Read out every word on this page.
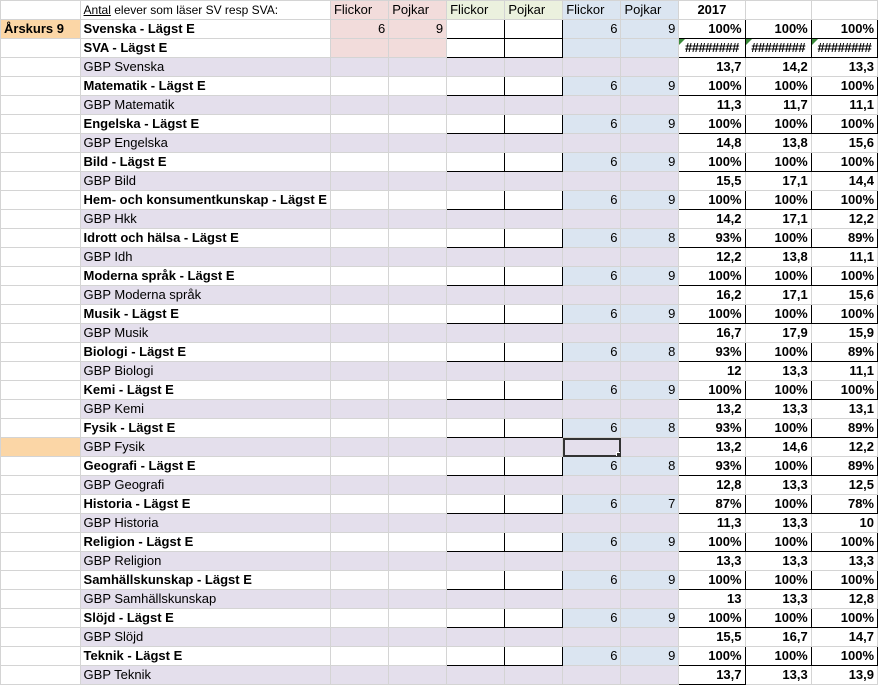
	Antal elever som läser SV resp SVA:	Flickor	Pojkar	Flickor	Pojkar	Flickor	Pojkar	2017		
Årskurs 9	Svenska - Lägst E	6	9			6	9	100%	100%	100%
	SVA - Lägst E							########	########	########
	GBP Svenska							13,7	14,2	13,3
	Matematik - Lägst E					6	9	100%	100%	100%
	GBP Matematik							11,3	11,7	11,1
	Engelska - Lägst E					6	9	100%	100%	100%
	GBP Engelska							14,8	13,8	15,6
	Bild - Lägst E					6	9	100%	100%	100%
	GBP Bild							15,5	17,1	14,4
	Hem- och konsumentkunskap - Lägst E					6	9	100%	100%	100%
	GBP Hkk							14,2	17,1	12,2
	Idrott och hälsa - Lägst E					6	8	93%	100%	89%
	GBP Idh							12,2	13,8	11,1
	Moderna språk - Lägst E					6	9	100%	100%	100%
	GBP Moderna språk							16,2	17,1	15,6
	Musik - Lägst E					6	9	100%	100%	100%
	GBP Musik							16,7	17,9	15,9
	Biologi - Lägst E					6	8	93%	100%	89%
	GBP Biologi							12	13,3	11,1
	Kemi - Lägst E					6	9	100%	100%	100%
	GBP Kemi							13,2	13,3	13,1
	Fysik - Lägst E					6	8	93%	100%	89%
	GBP Fysik							13,2	14,6	12,2
	Geografi - Lägst E					6	8	93%	100%	89%
	GBP Geografi							12,8	13,3	12,5
	Historia - Lägst E					6	7	87%	100%	78%
	GBP Historia							11,3	13,3	10
	Religion - Lägst E					6	9	100%	100%	100%
	GBP Religion							13,3	13,3	13,3
	Samhällskunskap - Lägst E					6	9	100%	100%	100%
	GBP Samhällskunskap							13	13,3	12,8
	Slöjd - Lägst E					6	9	100%	100%	100%
	GBP Slöjd							15,5	16,7	14,7
	Teknik - Lägst E					6	9	100%	100%	100%
	GBP Teknik							13,7	13,3	13,9
